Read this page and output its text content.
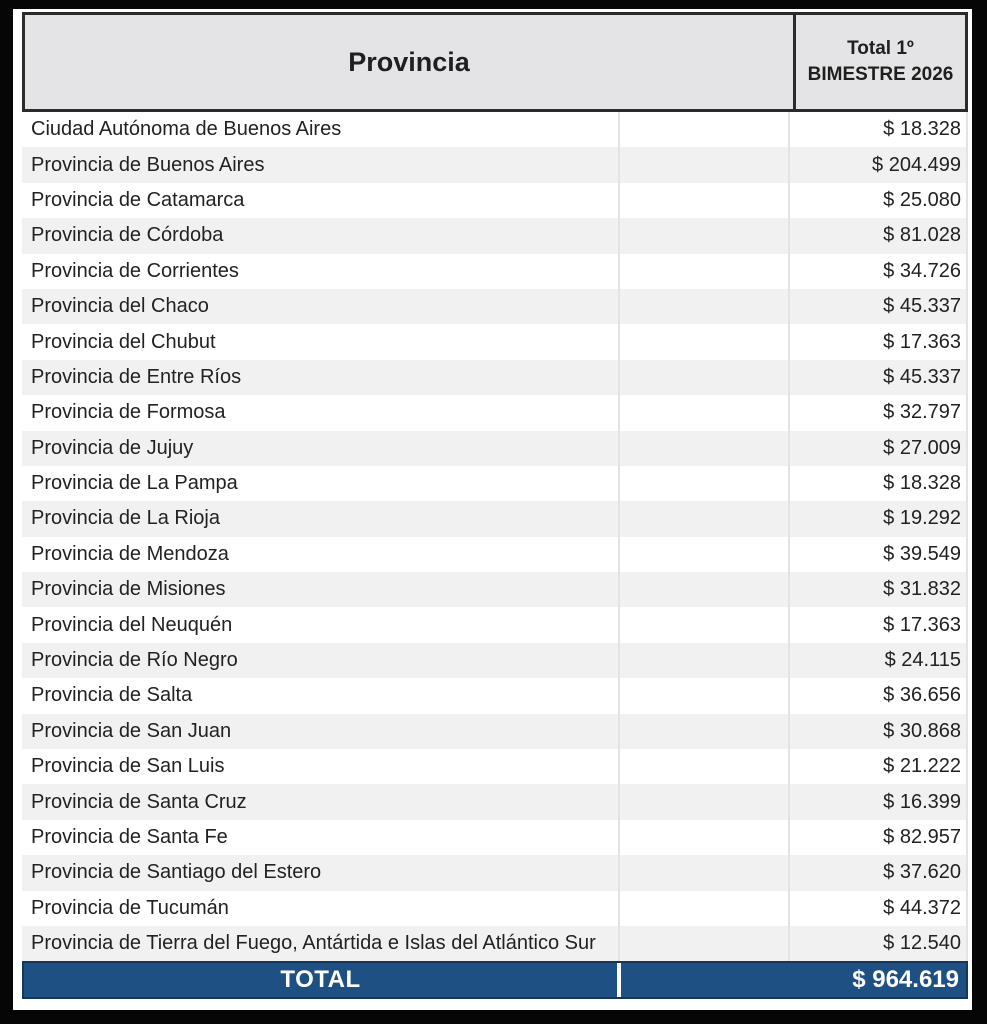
Provincia	Total 1º
BIMESTRE 2026
Ciudad Autónoma de Buenos Aires	$ 18.328
Provincia de Buenos Aires	$ 204.499
Provincia de Catamarca	$ 25.080
Provincia de Córdoba	$ 81.028
Provincia de Corrientes	$ 34.726
Provincia del Chaco	$ 45.337
Provincia del Chubut	$ 17.363
Provincia de Entre Ríos	$ 45.337
Provincia de Formosa	$ 32.797
Provincia de Jujuy	$ 27.009
Provincia de La Pampa	$ 18.328
Provincia de La Rioja	$ 19.292
Provincia de Mendoza	$ 39.549
Provincia de Misiones	$ 31.832
Provincia del Neuquén	$ 17.363
Provincia de Río Negro	$ 24.115
Provincia de Salta	$ 36.656
Provincia de San Juan	$ 30.868
Provincia de San Luis	$ 21.222
Provincia de Santa Cruz	$ 16.399
Provincia de Santa Fe	$ 82.957
Provincia de Santiago del Estero	$ 37.620
Provincia de Tucumán	$ 44.372
Provincia de Tierra del Fuego, Antártida e Islas del Atlántico Sur	$ 12.540
TOTAL	$ 964.619
